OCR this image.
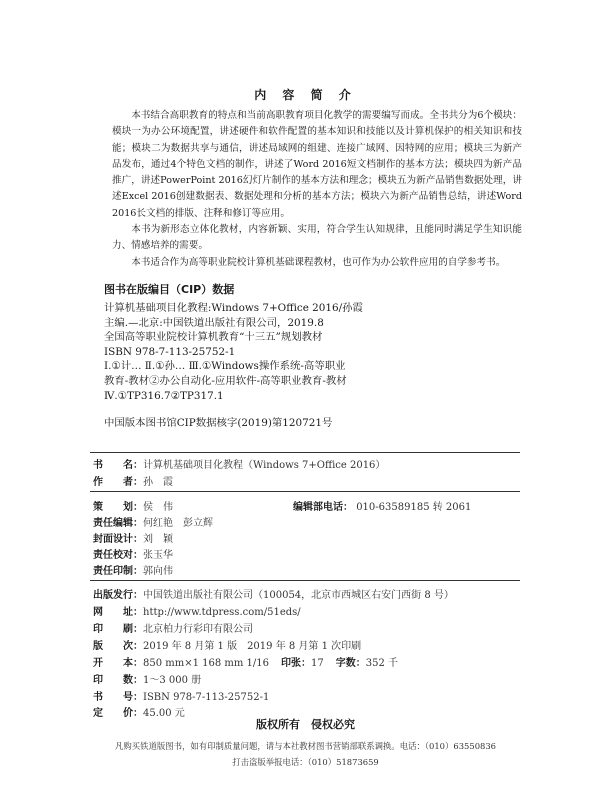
内 容 简 介

本书结合高职教育的特点和当前高职教育项目化教学的需要编写而成。全书共分为6个模块：模块一为办公环境配置，讲述硬件和软件配置的基本知识和技能以及计算机保护的相关知识和技能；模块二为数据共享与通信，讲述局域网的组建、连接广域网、因特网的应用；模块三为新产品发布，通过4个特色文档的制作，讲述了Word 2016短文档制作的基本方法；模块四为新产品推广，讲述PowerPoint 2016幻灯片制作的基本方法和理念；模块五为新产品销售数据处理，讲述Excel 2016创建数据表、数据处理和分析的基本方法；模块六为新产品销售总结，讲述Word 2016长文档的排版、注释和修订等应用。

本书为新形态立体化教材，内容新颖、实用，符合学生认知规律，且能同时满足学生知识能力、情感培养的需要。

本书适合作为高等职业院校计算机基础课程教材，也可作为办公软件应用的自学参考书。

图书在版编目（CIP）数据
计算机基础项目化教程:Windows 7+Office 2016/孙霞
主编.—北京:中国铁道出版社有限公司，2019.8
全国高等职业院校计算机教育“十三五”规划教材
ISBN 978-7-113-25752-1
Ⅰ.①计… Ⅱ.①孙… Ⅲ.①Windows操作系统-高等职业
教育-教材②办公自动化-应用软件-高等职业教育-教材
Ⅳ.①TP316.7②TP317.1
中国版本图书馆CIP数据核字(2019)第120721号
书　　名： 计算机基础项目化教程（Windows 7+Office 2016）
作　　者： 孙　霞
策　　划： 侯　伟	编辑部电话： 010-63589185 转 2061
责任编辑： 何红艳　彭立辉
封面设计： 刘　颖
责任校对： 张玉华
责任印制： 郭向伟
出版发行： 中国铁道出版社有限公司（100054，北京市西城区右安门西街 8 号）
网　　址： http://www.tdpress.com/51eds/
印　　刷： 北京柏力行彩印有限公司
版　　次： 2019 年 8 月第 1 版　2019 年 8 月第 1 次印刷
开　　本： 850 mm×1 168 mm 1/16 印张： 17 字数： 352 千
印　　数： 1～3 000 册
书　　号： ISBN 978-7-113-25752-1
定　　价： 45.00 元
版权所有　侵权必究
凡购买铁道版图书，如有印制质量问题，请与本社教材图书营销部联系调换。电话：（010）63550836
打击盗版举报电话：（010）51873659
